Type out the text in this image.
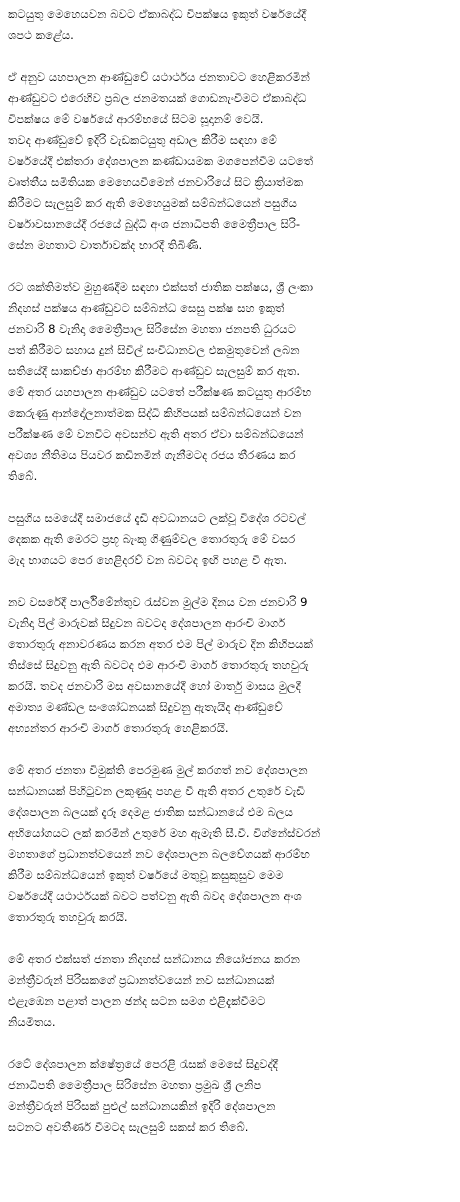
කටයුතු මෙහෙයවන බවට ඒකාබද්ධ විපක්ෂය ඉකුත් වර්ෂයේදී
ශපථ කළේය.

ඒ අනුව යහපාලන ආණ්ඩුවේ යථාර්ථය ජනතාවට හෙළිකරමින්
ආණ්ඩුවට එරෙහිව ප්‍රබල ජනමතයක් ගොඩනැංවීමට ඒකාබද්ධ
විපක්ෂය මේ වර්ෂයේ ආරම්භයේ සිටම සූදානම් වෙයි.
තවද ආණ්ඩුවේ ඉදිරි වැඩකටයුතු අඩාල කිරීම සඳහා මේ
වර්ෂයේදී එක්තරා දේශපාලන කණ්ඩායමක මගපෙන්වීම යටතේ
වෘත්තීය සමිතියක මෙහෙයවීමෙන් ජනවාරියේ සිට ක්‍රියාත්මක
කිරීමට සැලසුම් කර ඇති මෙහෙයුමක් සම්බන්ධයෙන් පසුගිය
වර්ෂාවසානයේදී රජයේ බුද්ධි අංශ ජනාධිපති මෛත්‍රීපාල සිරි-
සේන මහතාට වාර්තාවක්ද භාරදී තිබිණි.

රට ශක්තිමත්ව මුහුණදීම සඳහා එක්සත් ජාතික පක්ෂය, ශ්‍රී ලංකා
නිදහස් පක්ෂය ආණ්ඩුවට සම්බන්ධ සෙසු පක්ෂ සහ ඉකුත්
ජනවාරි 8 වැනිදා මෛත්‍රීපාල සිරිසේන මහතා ජනපති ධුරයට
පත් කිරීමට සහාය දුන් සිවිල් සංවිධානවල එකමුතුවෙන් ලබන
සතියේදී සාකච්ඡා ආරම්භ කිරීමට ආණ්ඩුව සැලසුම් කර ඇත.
මේ අතර යහපාලන ආණ්ඩුව යටතේ පරීක්ෂණ කටයුතු ආරම්භ
කෙරුණු ආන්දෝලනාත්මක සිද්ධි කිහිපයක් සම්බන්ධයෙන් වන
පරීක්ෂණ මේ වනවිට අවසන්ව ඇති අතර ඒවා සම්බන්ධයෙන්
අවශ්‍ය නීතිමය පියවර කඩිනමින් ගැනීමටද රජය තීරණය කර
තිබේ.

පසුගිය සමයේදී සමාජයේ දැඩි අවධානයට ලක්වූ විදේශ රටවල්
දෙකක ඇති මෙරට ප්‍රභූ බැංකු ගිණුම්වල තොරතුරු මේ වසර
මැද භාගයට පෙර හෙළිදරව් වන බවටද ඉඟි පහළ වී ඇත.

නව වසරේදී පාර්ලිමේන්තුව රැස්වන මුල්ම දිනය වන ජනවාරි 9
වැනිදා පිල් මාරුවක් සිදුවන බවටද දේශපාලන ආරංචි මාර්ග
තොරතුරු අනාවරණය කරන අතර එම පිල් මාරුව දින කිහිපයක්
තිස්සේ සිදුවනු ඇති බවටද එම ආරංචි මාර්ග තොරතුරු තහවුරු
කරයි. තවද ජනවාරි මස අවසානයේදී හෝ මාර්තු මාසය මුලදී
අමාත්‍ය මණ්ඩල සංශෝධනයක් සිදුවනු ඇතැයිද ආණ්ඩුවේ
අභ්‍යන්තර ආරංචි මාර්ග තොරතුරු හෙළිකරයි.

මේ අතර ජනතා විමුක්ති පෙරමුණ මුල් කරගත් නව දේශපාලන
සන්ධානයක් පිහිටුවන ලකුණුද පහළ වී ඇති අතර උතුරේ වැඩි
දේශපාලන බලයක් දැරූ දෙමළ ජාතික සන්ධානයේ එම බලය
අභියෝගයට ලක් කරමින් උතුරේ මහ ඇමැති සී.වී. විග්නේස්වරන්
මහතාගේ ප්‍රධානත්වයෙන් නව දේශපාලන බලවේගයක් ආරම්භ
කිරීම සම්බන්ධයෙන් ඉකුත් වර්ෂයේ මතුවූ කසුකුසුව මෙම
වර්ෂයේදී යථාර්ථයක් බවට පත්වනු ඇති බවද දේශපාලන අංශ
තොරතුරු තහවුරු කරයි.

මේ අතර එක්සත් ජනතා නිදහස් සන්ධානය නියෝජනය කරන
මන්ත්‍රීවරුන් පිරිසකගේ ප්‍රධානත්වයෙන් නව සන්ධානයක්
එළැඹෙන පළාත් පාලන ඡන්ද සටන සමග එළිදැක්වීමට
නියමිතය.

රටේ දේශපාලන ක්ෂේත්‍රයේ පෙරළි රැසක් මෙසේ සිදුවද්දී
ජනාධිපති මෛත්‍රීපාල සිරිසේන මහතා ප්‍රමුඛ ශ්‍රී ලනිප
මන්ත්‍රීවරුන් පිරිසක් පුළුල් සන්ධානයකින් ඉදිරි දේශපාලන
සටනට අවතීර්ණ වීමටද සැලසුම් සකස් කර තිබේ.
